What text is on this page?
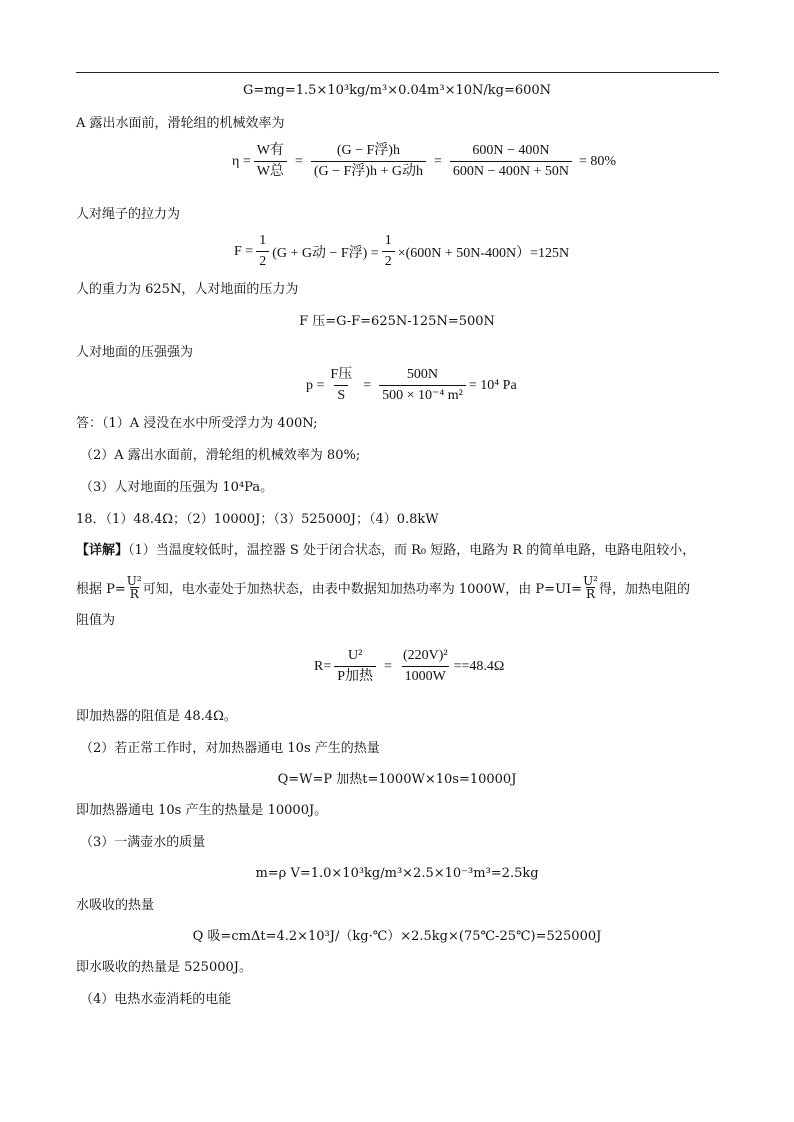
G=mg=1.5×10³kg/m³×0.04m³×10N/kg=600N
A 露出水面前，滑轮组的机械效率为
$\eta = \frac{\text{W有}}{\text{W总}} = \frac{\text{(G − F浮)h}}{\text{(G − F浮)h + G动h}} = \frac{600N - 400N}{600N - 400N + 50N} = 80\%$
人对绳子的拉力为
$F = \frac{1}{2} (G + G$动 − F浮) = $\frac{1}{2} \times(600N + 50N-400N)=125N$
人的重力为 625N，人对地面的压力为
F 压=G-F=625N-125N=500N
人对地面的压强强为
$p = \frac{\text{F压}}{S} = \frac{500N}{\text{500 × 10⁻⁴ m²}} = 10^4$ Pa
答：（1）A 浸没在水中所受浮力为 400N;
（2）A 露出水面前，滑轮组的机械效率为 80%;
（3）人对地面的压强为 10⁴Pa。
18．（1）48.4Ω；（2）10000J；（3）525000J；（4）0.8kW
【详解】（1）当温度较低时，温控器 S 处于闭合状态，而 R₀ 短路，电路为 R 的简单电路，电路电阻较小，
根据 $P= \frac{\text{U²}}{R}$ 可知，电水壶处于加热状态，由表中数据知加热功率为 1000W，由 $P=UI= \frac{\text{U²}}{R}$ 得，加热电阻的
阻值为
$R= \frac{\text{U²}}{\text{P加热}} = \frac{\text{(220V)²}}{1000W} ==48.4\Omega$
即加热器的阻值是 48.4Ω。
（2）若正常工作时，对加热器通电 10s 产生的热量
Q=W=P 加热t=1000W×10s=10000J
即加热器通电 10s 产生的热量是 10000J。
（3）一满壶水的质量
m=ρ V=1.0×10³kg/m³×2.5×10⁻³m³=2.5kg
水吸收的热量
Q 吸=cmΔt=4.2×10³J/（kg·℃）×2.5kg×(75℃-25℃)=525000J
即水吸收的热量是 525000J。
（4）电热水壶消耗的电能
